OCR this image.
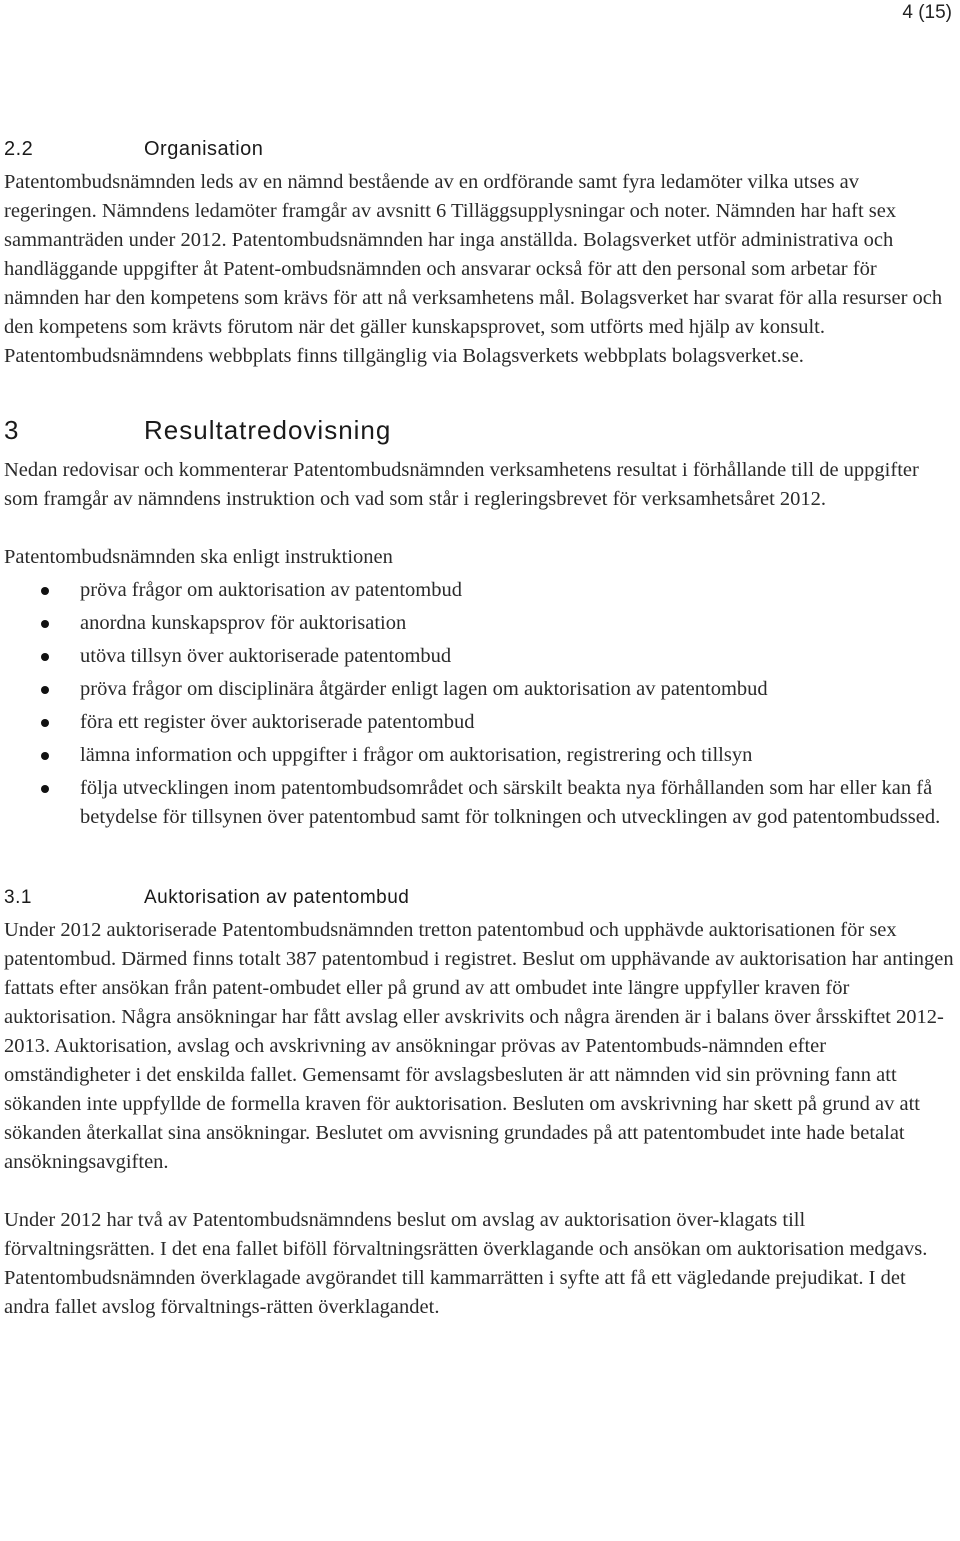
4 (15)
2.2	Organisation

Patentombudsnämnden leds av en nämnd bestående av en ordförande samt fyra ledamöter vilka utses av regeringen. Nämndens ledamöter framgår av avsnitt 6 Tilläggsupplysningar och noter. Nämnden har haft sex sammanträden under 2012. Patentombudsnämnden har inga anställda. Bolagsverket utför administrativa och handläggande uppgifter åt Patent-ombudsnämnden och ansvarar också för att den personal som arbetar för nämnden har den kompetens som krävs för att nå verksamhetens mål. Bolagsverket har svarat för alla resurser och den kompetens som krävts förutom när det gäller kunskapsprovet, som utförts med hjälp av konsult. Patentombudsnämndens webbplats finns tillgänglig via Bolagsverkets webbplats bolagsverket.se.

3	Resultatredovisning

Nedan redovisar och kommenterar Patentombudsnämnden verksamhetens resultat i förhållande till de uppgifter som framgår av nämndens instruktion och vad som står i regleringsbrevet för verksamhetsåret 2012.

Patentombudsnämnden ska enligt instruktionen

pröva frågor om auktorisation av patentombud
anordna kunskapsprov för auktorisation
utöva tillsyn över auktoriserade patentombud
pröva frågor om disciplinära åtgärder enligt lagen om auktorisation av patentombud
föra ett register över auktoriserade patentombud
lämna information och uppgifter i frågor om auktorisation, registrering och tillsyn
följa utvecklingen inom patentombudsområdet och särskilt beakta nya förhållanden som har eller kan få betydelse för tillsynen över patentombud samt för tolkningen och utvecklingen av god patentombudssed.
3.1	Auktorisation av patentombud

Under 2012 auktoriserade Patentombudsnämnden tretton patentombud och upphävde auktorisationen för sex patentombud. Därmed finns totalt 387 patentombud i registret. Beslut om upphävande av auktorisation har antingen fattats efter ansökan från patent-ombudet eller på grund av att ombudet inte längre uppfyller kraven för auktorisation. Några ansökningar har fått avslag eller avskrivits och några ärenden är i balans över årsskiftet 2012-2013. Auktorisation, avslag och avskrivning av ansökningar prövas av Patentombuds-nämnden efter omständigheter i det enskilda fallet. Gemensamt för avslagsbesluten är att nämnden vid sin prövning fann att sökanden inte uppfyllde de formella kraven för auktorisation. Besluten om avskrivning har skett på grund av att sökanden återkallat sina ansökningar. Beslutet om avvisning grundades på att patentombudet inte hade betalat ansökningsavgiften.

Under 2012 har två av Patentombudsnämndens beslut om avslag av auktorisation över-klagats till förvaltningsrätten. I det ena fallet biföll förvaltningsrätten överklagande och ansökan om auktorisation medgavs. Patentombudsnämnden överklagade avgörandet till kammarrätten i syfte att få ett vägledande prejudikat. I det andra fallet avslog förvaltnings-rätten överklagandet.
